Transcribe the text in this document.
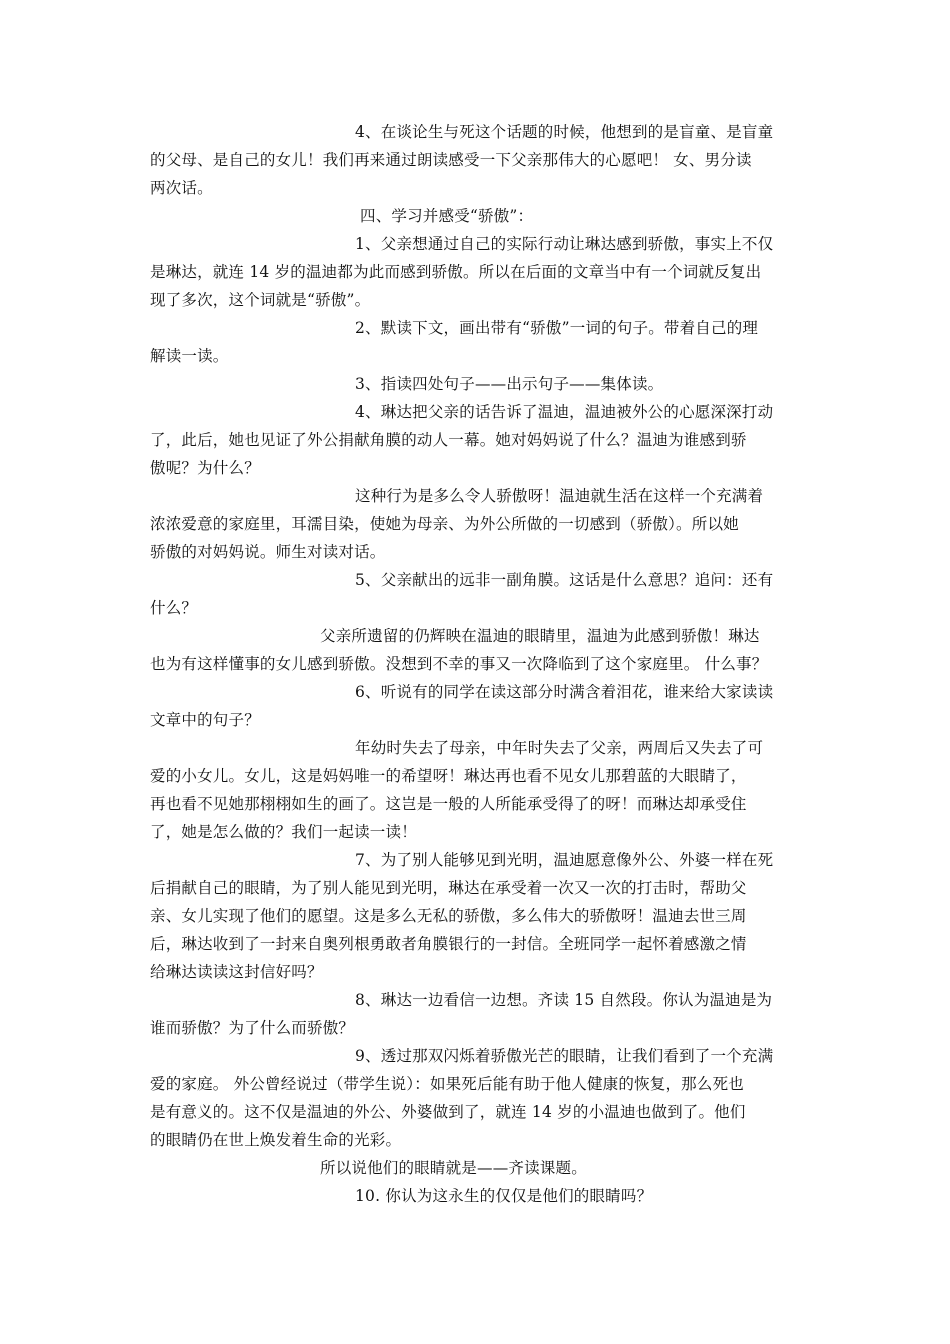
4、在谈论生与死这个话题的时候，他想到的是盲童、是盲童
的父母、是自己的女儿！我们再来通过朗读感受一下父亲那伟大的心愿吧！ 女、男分读
两次话。
四、学习并感受“骄傲”：
1、父亲想通过自己的实际行动让琳达感到骄傲，事实上不仅
是琳达，就连 14 岁的温迪都为此而感到骄傲。所以在后面的文章当中有一个词就反复出
现了多次，这个词就是“骄傲”。
2、默读下文，画出带有“骄傲”一词的句子。带着自己的理
解读一读。
3、指读四处句子——出示句子——集体读。
4、琳达把父亲的话告诉了温迪，温迪被外公的心愿深深打动
了，此后，她也见证了外公捐献角膜的动人一幕。她对妈妈说了什么？温迪为谁感到骄
傲呢？为什么？
这种行为是多么令人骄傲呀！温迪就生活在这样一个充满着
浓浓爱意的家庭里，耳濡目染，使她为母亲、为外公所做的一切感到（骄傲）。所以她
骄傲的对妈妈说。师生对读对话。
5、父亲献出的远非一副角膜。这话是什么意思？追问：还有
什么？
父亲所遗留的仍辉映在温迪的眼睛里，温迪为此感到骄傲！琳达
也为有这样懂事的女儿感到骄傲。没想到不幸的事又一次降临到了这个家庭里。 什么事？
6、听说有的同学在读这部分时满含着泪花，谁来给大家读读
文章中的句子？
年幼时失去了母亲，中年时失去了父亲，两周后又失去了可
爱的小女儿。女儿，这是妈妈唯一的希望呀！琳达再也看不见女儿那碧蓝的大眼睛了，
再也看不见她那栩栩如生的画了。这岂是一般的人所能承受得了的呀！而琳达却承受住
了，她是怎么做的？我们一起读一读！
7、为了别人能够见到光明，温迪愿意像外公、外婆一样在死
后捐献自己的眼睛，为了别人能见到光明，琳达在承受着一次又一次的打击时，帮助父
亲、女儿实现了他们的愿望。这是多么无私的骄傲，多么伟大的骄傲呀！温迪去世三周
后，琳达收到了一封来自奥列根勇敢者角膜银行的一封信。全班同学一起怀着感激之情
给琳达读读这封信好吗？
8、琳达一边看信一边想。齐读 15 自然段。你认为温迪是为
谁而骄傲？为了什么而骄傲？
9、透过那双闪烁着骄傲光芒的眼睛，让我们看到了一个充满
爱的家庭。 外公曾经说过（带学生说）：如果死后能有助于他人健康的恢复，那么死也
是有意义的。这不仅是温迪的外公、外婆做到了，就连 14 岁的小温迪也做到了。他们
的眼睛仍在世上焕发着生命的光彩。
所以说他们的眼睛就是——齐读课题。
10. 你认为这永生的仅仅是他们的眼睛吗？
